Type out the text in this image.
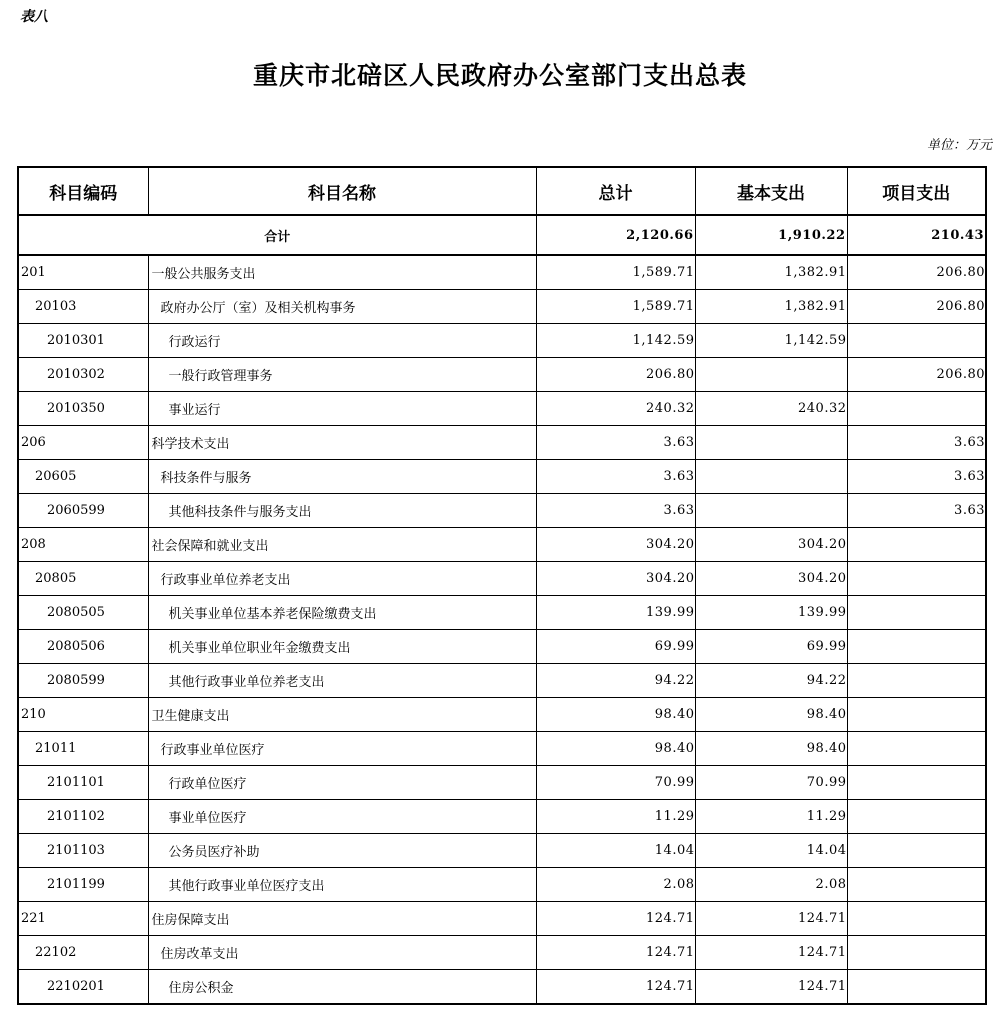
表八
重庆市北碚区人民政府办公室部门支出总表
单位：万元
科目编码	科目名称	总计	基本支出	项目支出
合计		2,120.66	1,910.22	210.43
201	一般公共服务支出	1,589.71	1,382.91	206.80
20103	政府办公厅（室）及相关机构事务	1,589.71	1,382.91	206.80
2010301	行政运行	1,142.59	1,142.59	
2010302	一般行政管理事务	206.80		206.80
2010350	事业运行	240.32	240.32	
206	科学技术支出	3.63		3.63
20605	科技条件与服务	3.63		3.63
2060599	其他科技条件与服务支出	3.63		3.63
208	社会保障和就业支出	304.20	304.20	
20805	行政事业单位养老支出	304.20	304.20	
2080505	机关事业单位基本养老保险缴费支出	139.99	139.99	
2080506	机关事业单位职业年金缴费支出	69.99	69.99	
2080599	其他行政事业单位养老支出	94.22	94.22	
210	卫生健康支出	98.40	98.40	
21011	行政事业单位医疗	98.40	98.40	
2101101	行政单位医疗	70.99	70.99	
2101102	事业单位医疗	11.29	11.29	
2101103	公务员医疗补助	14.04	14.04	
2101199	其他行政事业单位医疗支出	2.08	2.08	
221	住房保障支出	124.71	124.71	
22102	住房改革支出	124.71	124.71	
2210201	住房公积金	124.71	124.71	
